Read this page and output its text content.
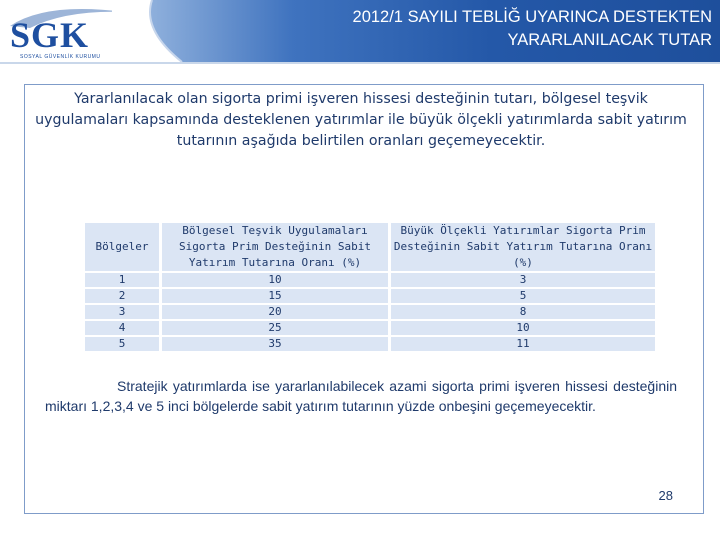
SGK
SOSYAL GÜVENLİK KURUMU
2012/1 SAYILI TEBLİĞ UYARINCA DESTEKTEN
YARARLANILACAK TUTAR
Yararlanılacak olan sigorta primi işveren hissesi desteğinin tutarı, bölgesel teşvik uygulamaları kapsamında desteklenen yatırımlar ile büyük ölçekli yatırımlarda sabit yatırım tutarının aşağıda belirtilen oranları geçemeyecektir.
Bölgeler	Bölgesel Teşvik Uygulamaları Sigorta Prim Desteğinin Sabit Yatırım Tutarına Oranı (%)	Büyük Ölçekli Yatırımlar Sigorta Prim Desteğinin Sabit Yatırım Tutarına Oranı (%)
1	10	3
2	15	5
3	20	8
4	25	10
5	35	11
Stratejik yatırımlarda ise yararlanılabilecek azami sigorta primi işveren hissesi desteğinin miktarı 1,2,3,4 ve 5 inci bölgelerde sabit yatırım tutarının yüzde onbeşini geçemeyecektir.
28
